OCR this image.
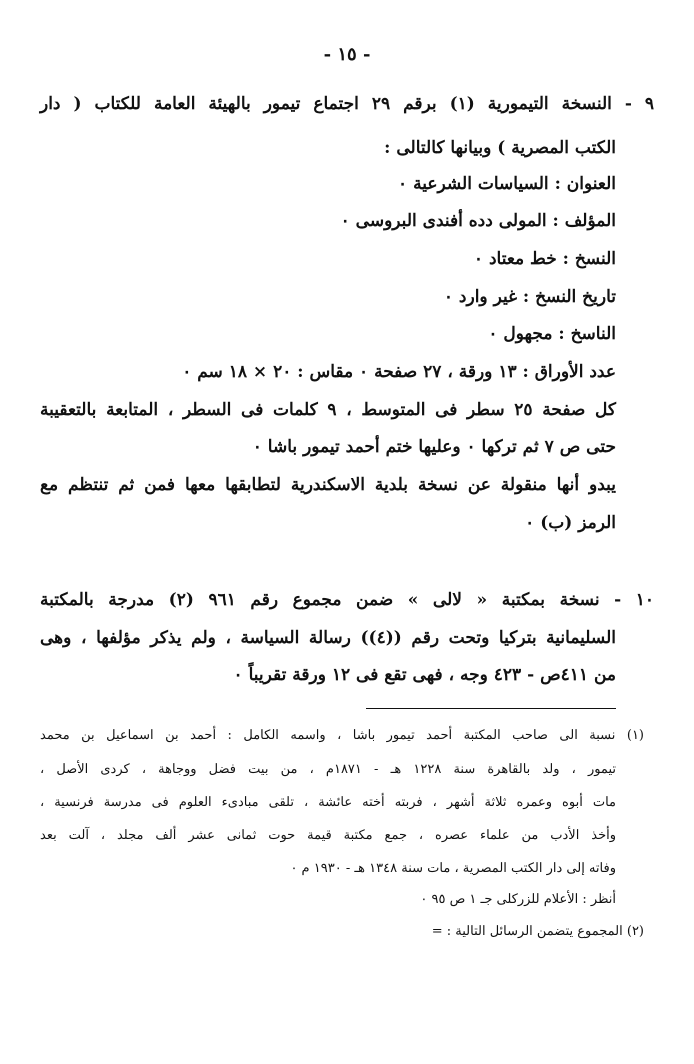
- ١٥ -
٩ - النسخة التيمورية (١) برقم ٢٩ اجتماع تيمور بالهيئة العامة للكتاب ( دار
الكتب المصرية ) وبيانها كالتالى :
العنوان : السياسات الشرعية ٠
المؤلف : المولى دده أفندى البروسى ٠
النسخ : خط معتاد ٠
تاريخ النسخ : غير وارد ٠
الناسخ : مجهول ٠
عدد الأوراق : ١٣ ورقة ، ٢٧ صفحة ٠ مقاس : ٢٠ × ١٨ سم ٠
كل صفحة ٢٥ سطر فى المتوسط ، ٩ كلمات فى السطر ، المتابعة بالتعقيبة
حتى ص ٧ ثم تركها ٠ وعليها ختم أحمد تيمور باشا ٠
يبدو أنها منقولة عن نسخة بلدية الاسكندرية لتطابقها معها فمن ثم تنتظم مع
الرمز (ب) ٠
١٠ - نسخة بمكتبة « لالى » ضمن مجموع رقم ٩٦١ (٢) مدرجة بالمكتبة
السليمانية بتركيا وتحت رقم ((٤)) رسالة السياسة ، ولم يذكر مؤلفها ، وهى
من ٤١١ص - ٤٢٣ وجه ، فهى تقع فى ١٢ ورقة تقريباً ٠
(١) نسبة الى صاحب المكتبة أحمد تيمور باشا ، واسمه الكامل : أحمد بن اسماعيل بن محمد
تيمور ، ولد بالقاهرة سنة ١٢٢٨ هـ - ١٨٧١م ، من بيت فضل ووجاهة ، كردى الأصل ،
مات أبوه وعمره ثلاثة أشهر ، فربته أخته عائشة ، تلقى مبادىء العلوم فى مدرسة فرنسية ،
وأخذ الأدب من علماء عصره ، جمع مكتبة قيمة حوت ثمانى عشر ألف مجلد ، آلت بعد
وفاته إلى دار الكتب المصرية ، مات سنة ١٣٤٨ هـ - ١٩٣٠ م ٠
أنظر : الأعلام للزركلى جـ ١ ص ٩٥ ٠
(٢) المجموع يتضمن الرسائل التالية : =
